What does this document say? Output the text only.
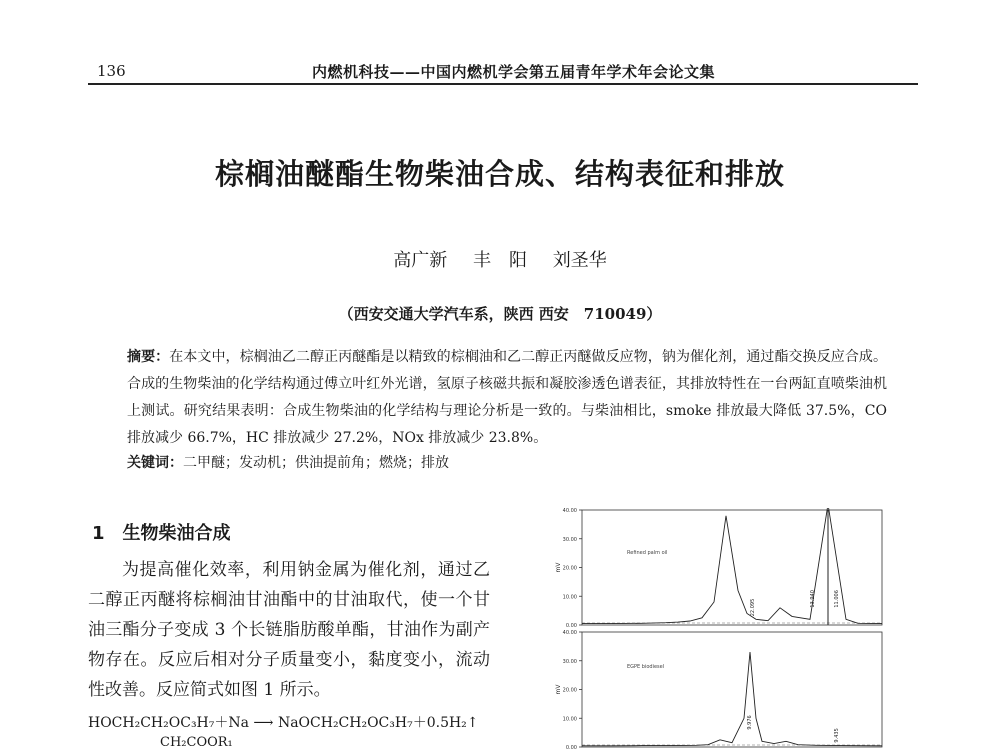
136	内燃机科技——中国内燃机学会第五届青年学术年会论文集
棕榈油醚酯生物柴油合成、结构表征和排放
高广新 丰　阳 刘圣华
（西安交通大学汽车系，陕西 西安　710049）
摘要：在本文中，棕榈油乙二醇正丙醚酯是以精致的棕榈油和乙二醇正丙醚做反应物，钠为催化剂，通过酯交换反应合成。合成的生物柴油的化学结构通过傅立叶红外光谱，氢原子核磁共振和凝胶渗透色谱表征，其排放特性在一台两缸直喷柴油机上测试。研究结果表明：合成生物柴油的化学结构与理论分析是一致的。与柴油相比，smoke 排放最大降低 37.5%，CO 排放减少 66.7%，HC 排放减少 27.2%，NOx 排放减少 23.8%。
关键词：二甲醚；发动机；供油提前角；燃烧；排放
1 生物柴油合成
为提高催化效率，利用钠金属为催化剂，通过乙二醇正丙醚将棕榈油甘油酯中的甘油取代，使一个甘油三酯分子变成 3 个长链脂肪酸单酯，甘油作为副产物存在。反应后相对分子质量变小，黏度变小，流动性改善。反应简式如图 1 所示。
HOCH₂CH₂OC₃H₇＋Na ⟶ NaOCH₂CH₂OC₃H₇＋0.5H₂↑
CH₂COOR₁
40.00
30.00
20.00
10.00
0.00
mV
Refined palm oil
22.095	13.940	11.006
40.00
30.00
20.00
10.00
0.00
mV
EGPE biodiesel
9.976
9.435
